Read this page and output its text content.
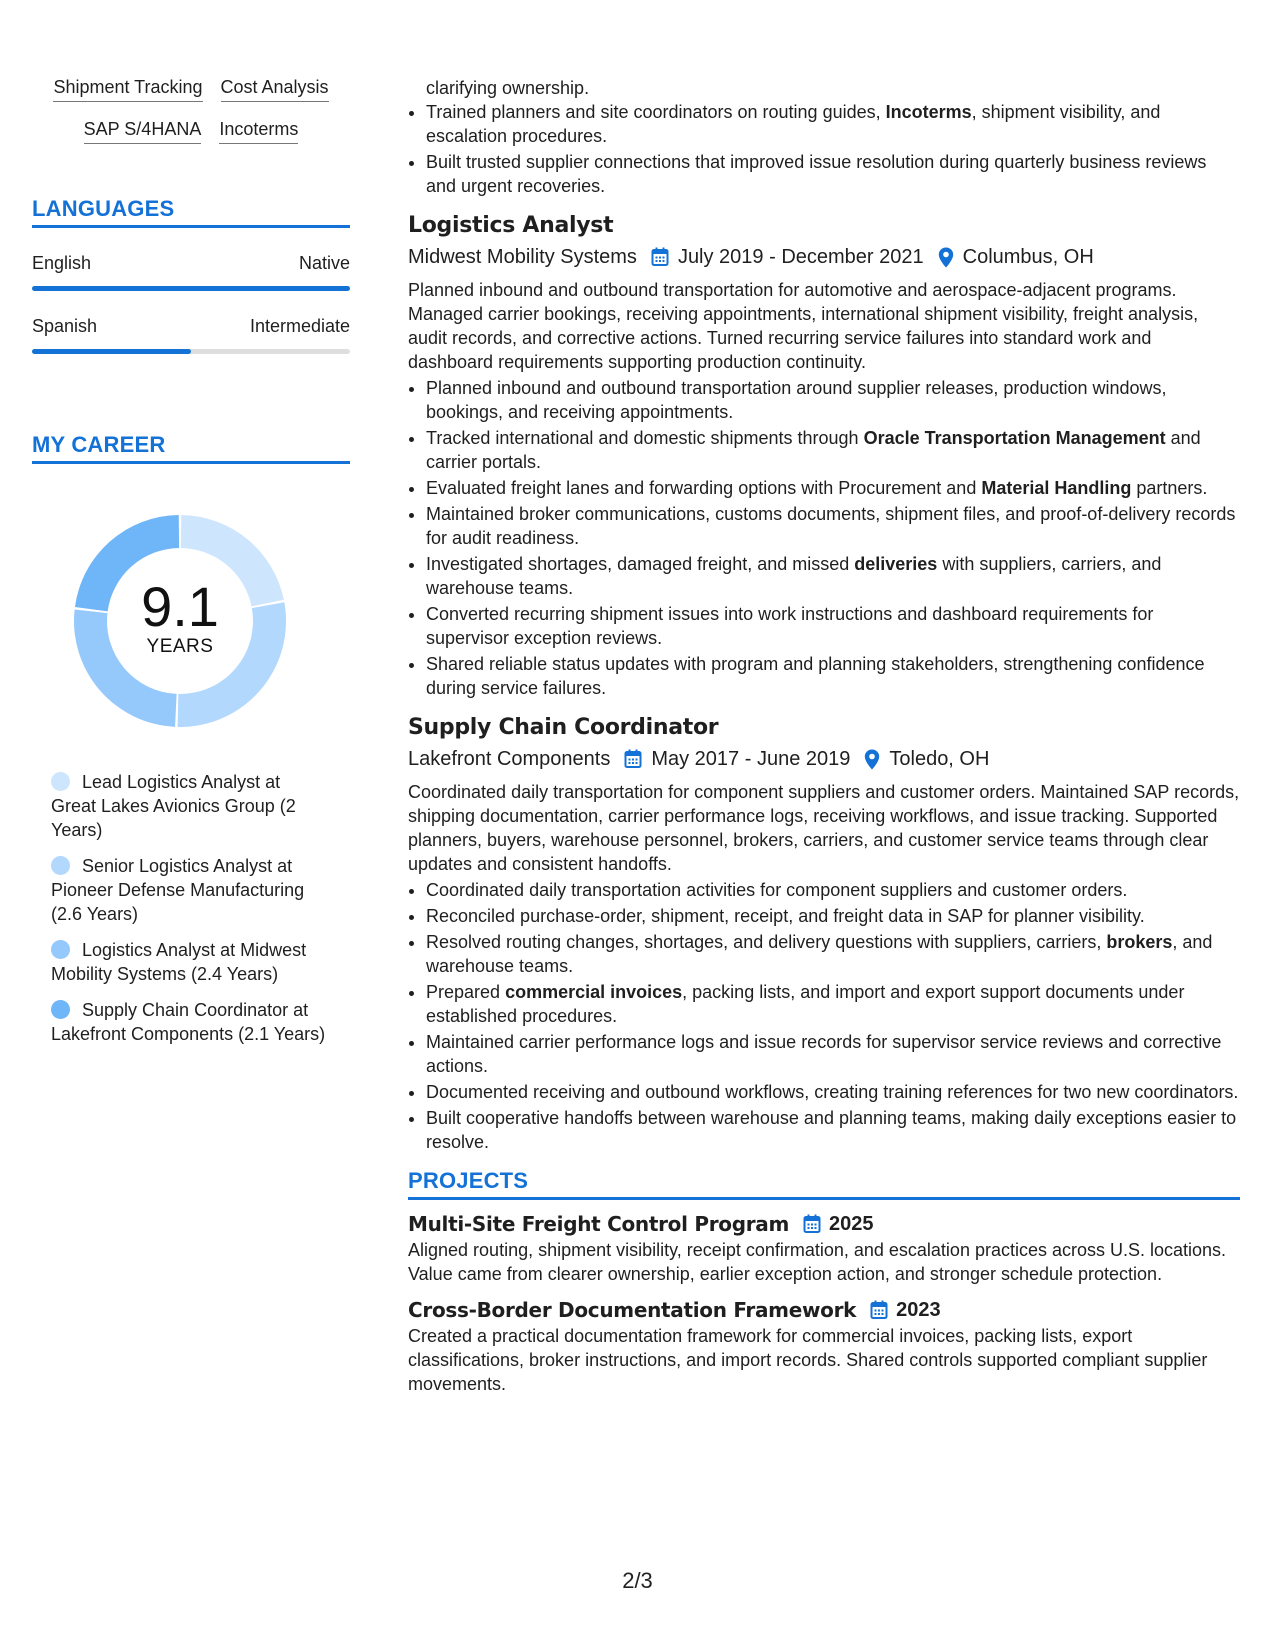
Shipment Tracking Cost Analysis
SAP S/4HANA Incoterms
LANGUAGES
English	Native
Spanish	Intermediate
MY CAREER
9.1
YEARS
Lead Logistics Analyst at Great Lakes Avionics Group (2 Years)
Senior Logistics Analyst at Pioneer Defense Manufacturing (2.6 Years)
Logistics Analyst at Midwest Mobility Systems (2.4 Years)
Supply Chain Coordinator at Lakefront Components (2.1 Years)

clarifying ownership.

• Trained planners and site coordinators on routing guides, Incoterms, shipment visibility, and escalation procedures.
• Built trusted supplier connections that improved issue resolution during quarterly business reviews and urgent recoveries.
Logistics Analyst
Midwest Mobility Systems July 2019 - December 2021 Columbus, OH

Planned inbound and outbound transportation for automotive and aerospace-adjacent programs. Managed carrier bookings, receiving appointments, international shipment visibility, freight analysis, audit records, and corrective actions. Turned recurring service failures into standard work and dashboard requirements supporting production continuity.

• Planned inbound and outbound transportation around supplier releases, production windows, bookings, and receiving appointments.
• Tracked international and domestic shipments through Oracle Transportation Management and carrier portals.
• Evaluated freight lanes and forwarding options with Procurement and Material Handling partners.
• Maintained broker communications, customs documents, shipment files, and proof-of-delivery records for audit readiness.
• Investigated shortages, damaged freight, and missed deliveries with suppliers, carriers, and warehouse teams.
• Converted recurring shipment issues into work instructions and dashboard requirements for supervisor exception reviews.
• Shared reliable status updates with program and planning stakeholders, strengthening confidence during service failures.
Supply Chain Coordinator
Lakefront Components May 2017 - June 2019 Toledo, OH

Coordinated daily transportation for component suppliers and customer orders. Maintained SAP records, shipping documentation, carrier performance logs, receiving workflows, and issue tracking. Supported planners, buyers, warehouse personnel, brokers, carriers, and customer service teams through clear updates and consistent handoffs.

• Coordinated daily transportation activities for component suppliers and customer orders.
• Reconciled purchase-order, shipment, receipt, and freight data in SAP for planner visibility.
• Resolved routing changes, shortages, and delivery questions with suppliers, carriers, brokers, and warehouse teams.
• Prepared commercial invoices, packing lists, and import and export support documents under established procedures.
• Maintained carrier performance logs and issue records for supervisor service reviews and corrective actions.
• Documented receiving and outbound workflows, creating training references for two new coordinators.
• Built cooperative handoffs between warehouse and planning teams, making daily exceptions easier to resolve.
PROJECTS
Multi-Site Freight Control Program 2025

Aligned routing, shipment visibility, receipt confirmation, and escalation practices across U.S. locations. Value came from clearer ownership, earlier exception action, and stronger schedule protection.

Cross-Border Documentation Framework 2023

Created a practical documentation framework for commercial invoices, packing lists, export classifications, broker instructions, and import records. Shared controls supported compliant supplier movements.

2/3
